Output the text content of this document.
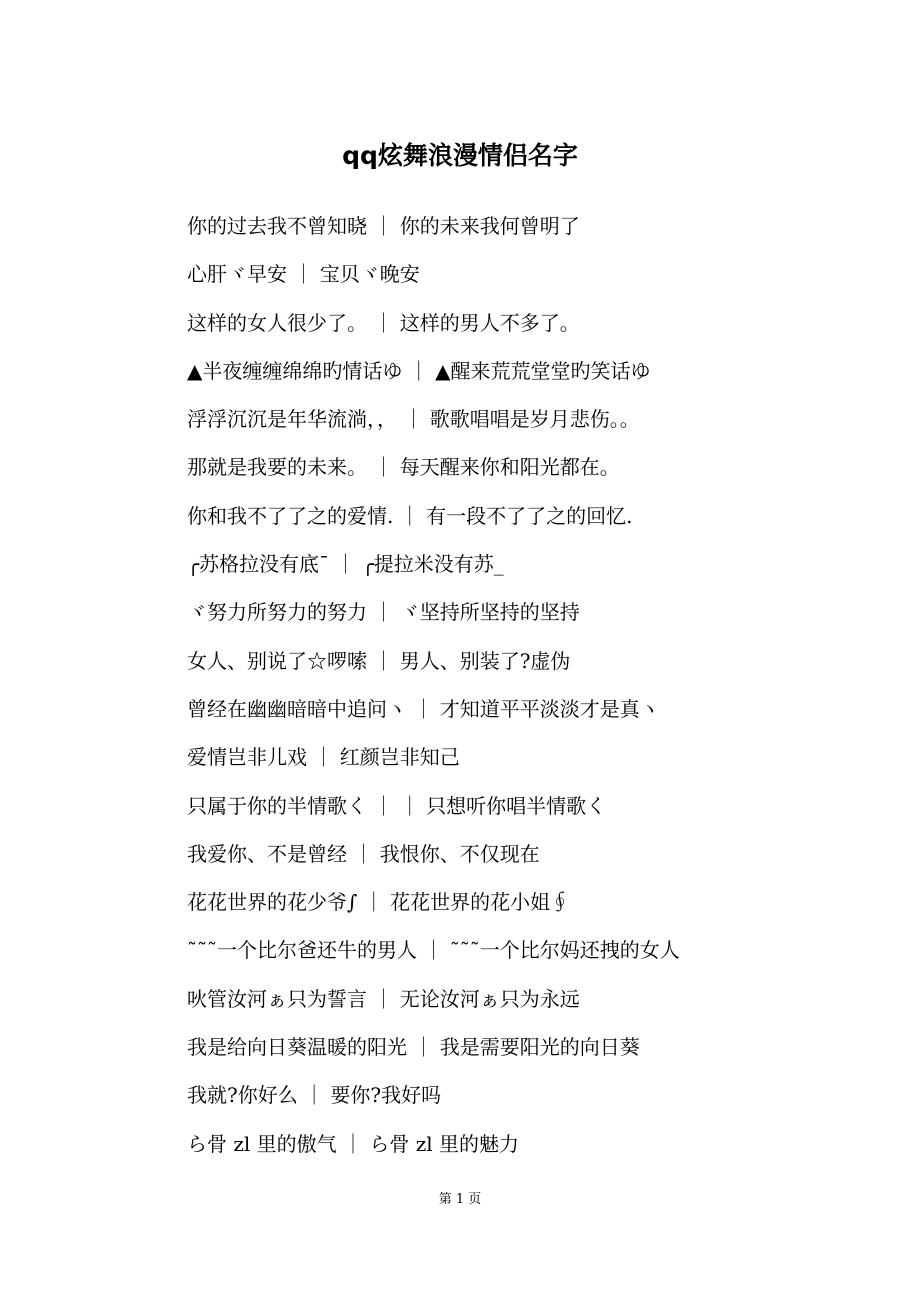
qq炫舞浪漫情侣名字
你的过去我不曾知晓 ｜ 你的未来我何曾明了
心肝ヾ早安 ｜ 宝贝ヾ晚安
这样的女人很少了。 ｜ 这样的男人不多了。
▲半夜缠缠绵绵旳情话ゆ ｜ ▲醒来荒荒堂堂旳笑话ゆ
浮浮沉沉是年华流淌，， ｜ 歌歌唱唱是岁月悲伤。。
那就是我要的未来。 ｜ 每天醒来你和阳光都在。
你和我不了了之的爱情. ｜ 有一段不了了之的回忆.
╭苏格拉没有底¯ ｜ ╭提拉米没有苏_
ヾ努力所努力的努力 ｜ ヾ坚持所坚持的坚持
女人、别说了☆啰嗦 ｜ 男人、别装了?虚伪
曾经在幽幽暗暗中追问ヽ ｜ 才知道平平淡淡才是真ヽ
爱情岂非儿戏 ｜ 红颜岂非知己
只属于你的半情歌く ｜ ｜ 只想听你唱半情歌く
我爱你、不是曾经 ｜ 我恨你、不仅现在
花花世界的花少爷∫ ｜ 花花世界的花小姐∮
˜˜˜一个比尔爸还牛的男人 ｜ ˜˜˜一个比尔妈还拽的女人
吙管汝河ぁ只为誓言 ｜ 无论汝河ぁ只为永远
我是给向日葵温暖的阳光 ｜ 我是需要阳光的向日葵
我就?你好么 ｜ 要你?我好吗
ら骨 zl 里的傲气 ｜ ら骨 zl 里的魅力
第 1 页
